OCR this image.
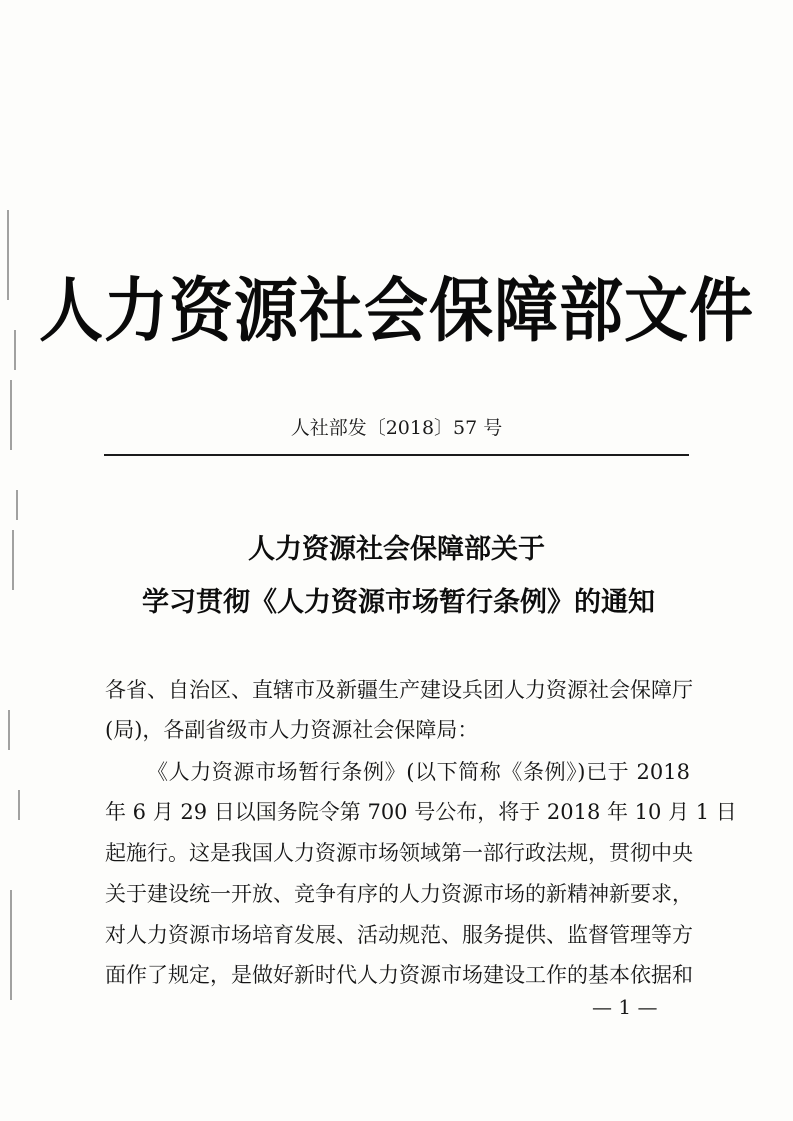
人力资源社会保障部文件
人社部发〔2018〕57 号
人力资源社会保障部关于
学习贯彻《人力资源市场暂行条例》的通知
各省、自治区、直辖市及新疆生产建设兵团人力资源社会保障厅
(局)，各副省级市人力资源社会保障局：
《人力资源市场暂行条例》(以下简称《条例》)已于 2018
年 6 月 29 日以国务院令第 700 号公布，将于 2018 年 10 月 1 日
起施行。这是我国人力资源市场领域第一部行政法规，贯彻中央
关于建设统一开放、竞争有序的人力资源市场的新精神新要求，
对人力资源市场培育发展、活动规范、服务提供、监督管理等方
面作了规定，是做好新时代人力资源市场建设工作的基本依据和
— 1 —
